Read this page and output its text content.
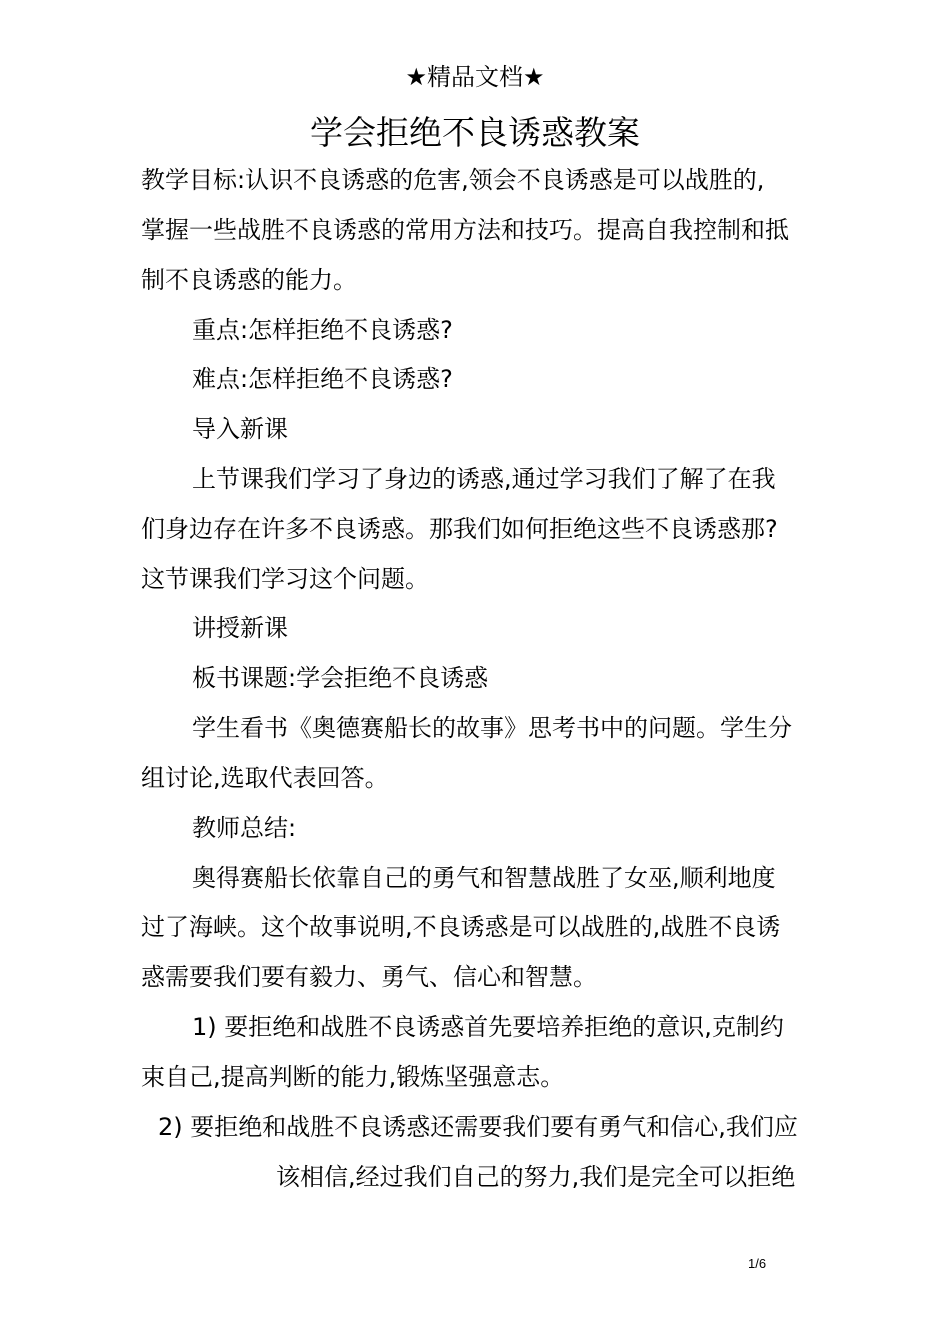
★精品文档★
学会拒绝不良诱惑教案
教学目标:认识不良诱惑的危害,领会不良诱惑是可以战胜的,
掌握一些战胜不良诱惑的常用方法和技巧。提高自我控制和抵
制不良诱惑的能力。
重点:怎样拒绝不良诱惑?
难点:怎样拒绝不良诱惑?
导入新课
上节课我们学习了身边的诱惑,通过学习我们了解了在我
们身边存在许多不良诱惑。那我们如何拒绝这些不良诱惑那?
这节课我们学习这个问题。
讲授新课
板书课题:学会拒绝不良诱惑
学生看书《奥德赛船长的故事》思考书中的问题。学生分
组讨论,选取代表回答。
教师总结:
奥得赛船长依靠自己的勇气和智慧战胜了女巫,顺利地度
过了海峡。这个故事说明,不良诱惑是可以战胜的,战胜不良诱
惑需要我们要有毅力、勇气、信心和智慧。
1) 要拒绝和战胜不良诱惑首先要培养拒绝的意识,克制约
束自己,提高判断的能力,锻炼坚强意志。
2) 要拒绝和战胜不良诱惑还需要我们要有勇气和信心,我们应
该相信,经过我们自己的努力,我们是完全可以拒绝
1/6
